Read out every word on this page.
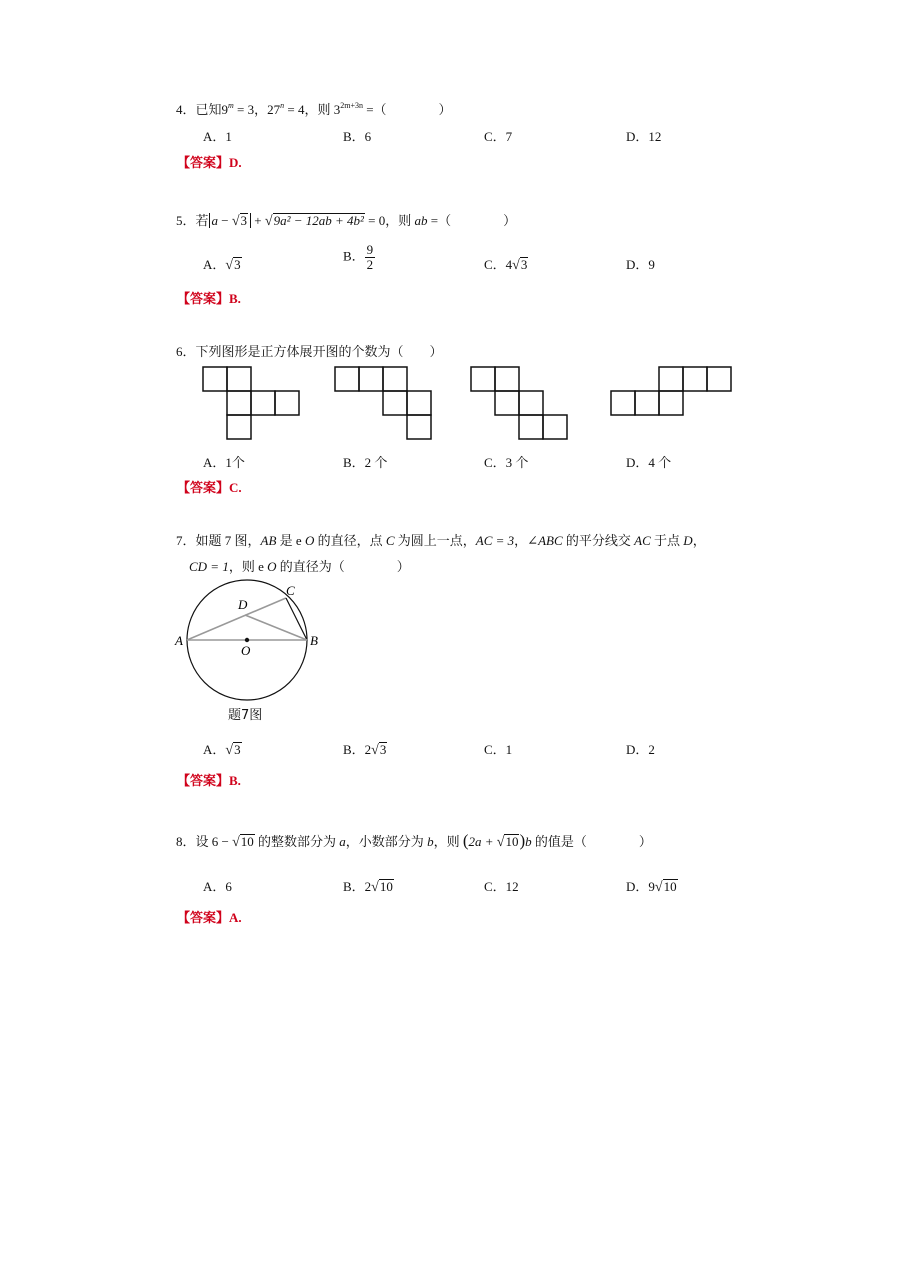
4．已知$9^m = 3$，$27^n = 4$，则 $3^{2m+3n}$ =（　　　　）
A．1	B．6	C．7	D．12
【答案】D.
5．若 a − √3 + √9a² − 12ab + 4b² = 0，则 ab =（　　　　）
A．√3
B． $\frac{9}{2}$	C．4√3	D．9
【答案】B.
6．下列图形是正方体展开图的个数为（　　）
A．1个	B．2 个	C．3 个	D．4 个
【答案】C.
7．如题 7 图，AB 是 e O 的直径，点 C 为圆上一点，AC = 3，∠ABC 的平分线交 AC 于点 D，
CD = 1，则 e O 的直径为（　　　　）
A	B
C
D
O
题7图
A．√3	B．2√3	C．1	D．2
【答案】B.
8．设 6 − √10 的整数部分为 a，小数部分为 b，则 (2a + √10)b 的值是（　　　　）
A．6	B．2√10	C．12	D．9√10
【答案】A.
